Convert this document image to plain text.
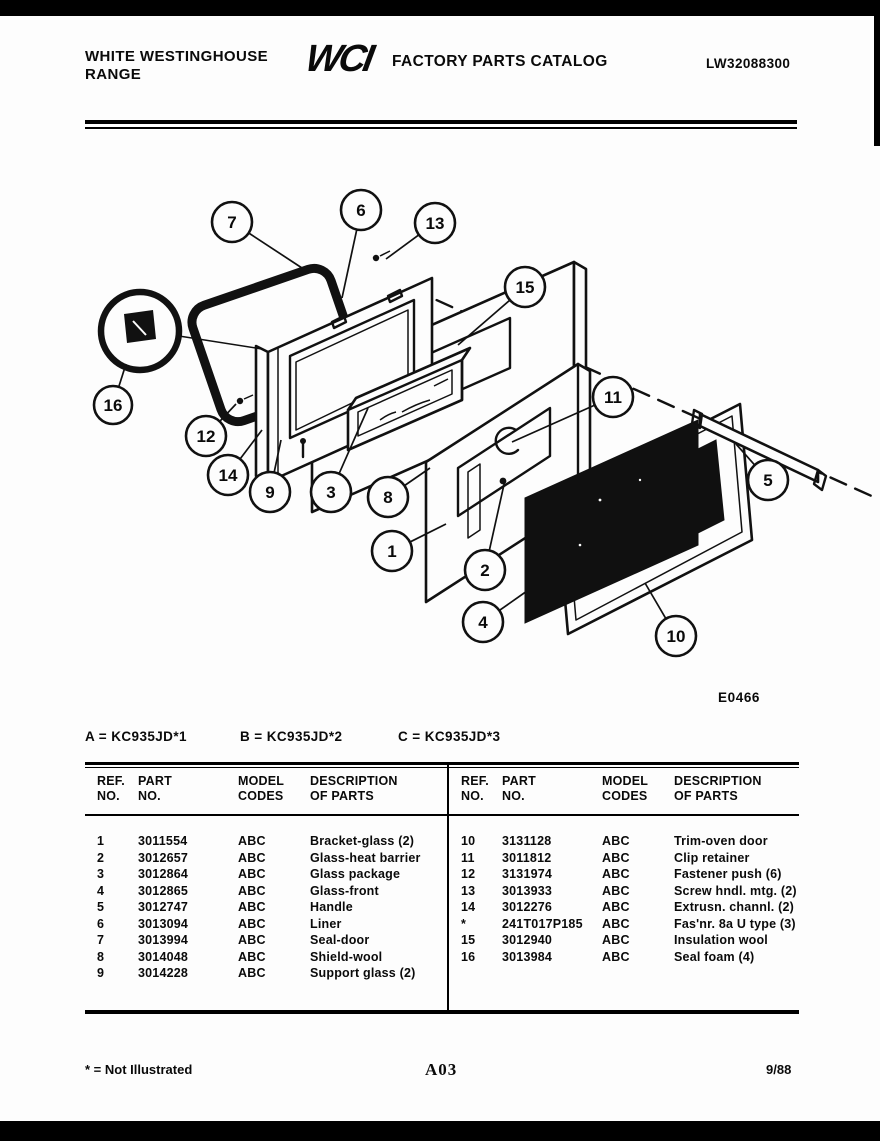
WHITE WESTINGHOUSE
RANGE	WCI FACTORY PARTS CATALOG	LW32088300
7
6
13
15
16
12
14
9	3	8
1
2
11
4
10
5
E0466
A = KC935JD*1	B = KC935JD*2	C = KC935JD*3
REF.
NO.
PART
NO.
MODEL
CODES
DESCRIPTION
OF PARTS
1	3011554	ABC	Bracket-glass (2)
2	3012657	ABC	Glass-heat barrier
3	3012864	ABC	Glass package
4	3012865	ABC	Glass-front
5	3012747	ABC	Handle
6	3013094	ABC	Liner
7	3013994	ABC	Seal-door
8	3014048	ABC	Shield-wool
9	3014228	ABC	Support glass (2)
REF.
NO.
PART
NO.
MODEL
CODES
DESCRIPTION
OF PARTS
10	3131128	ABC	Trim-oven door
11	3011812	ABC	Clip retainer
12	3131974	ABC	Fastener push (6)
13	3013933	ABC	Screw hndl. mtg. (2)
14	3012276	ABC	Extrusn. channl. (2)
*	241T017P185	ABC	Fas'nr. 8a U type (3)
15	3012940	ABC	Insulation wool
16	3013984	ABC	Seal foam (4)
* = Not Illustrated	A03	9/88
